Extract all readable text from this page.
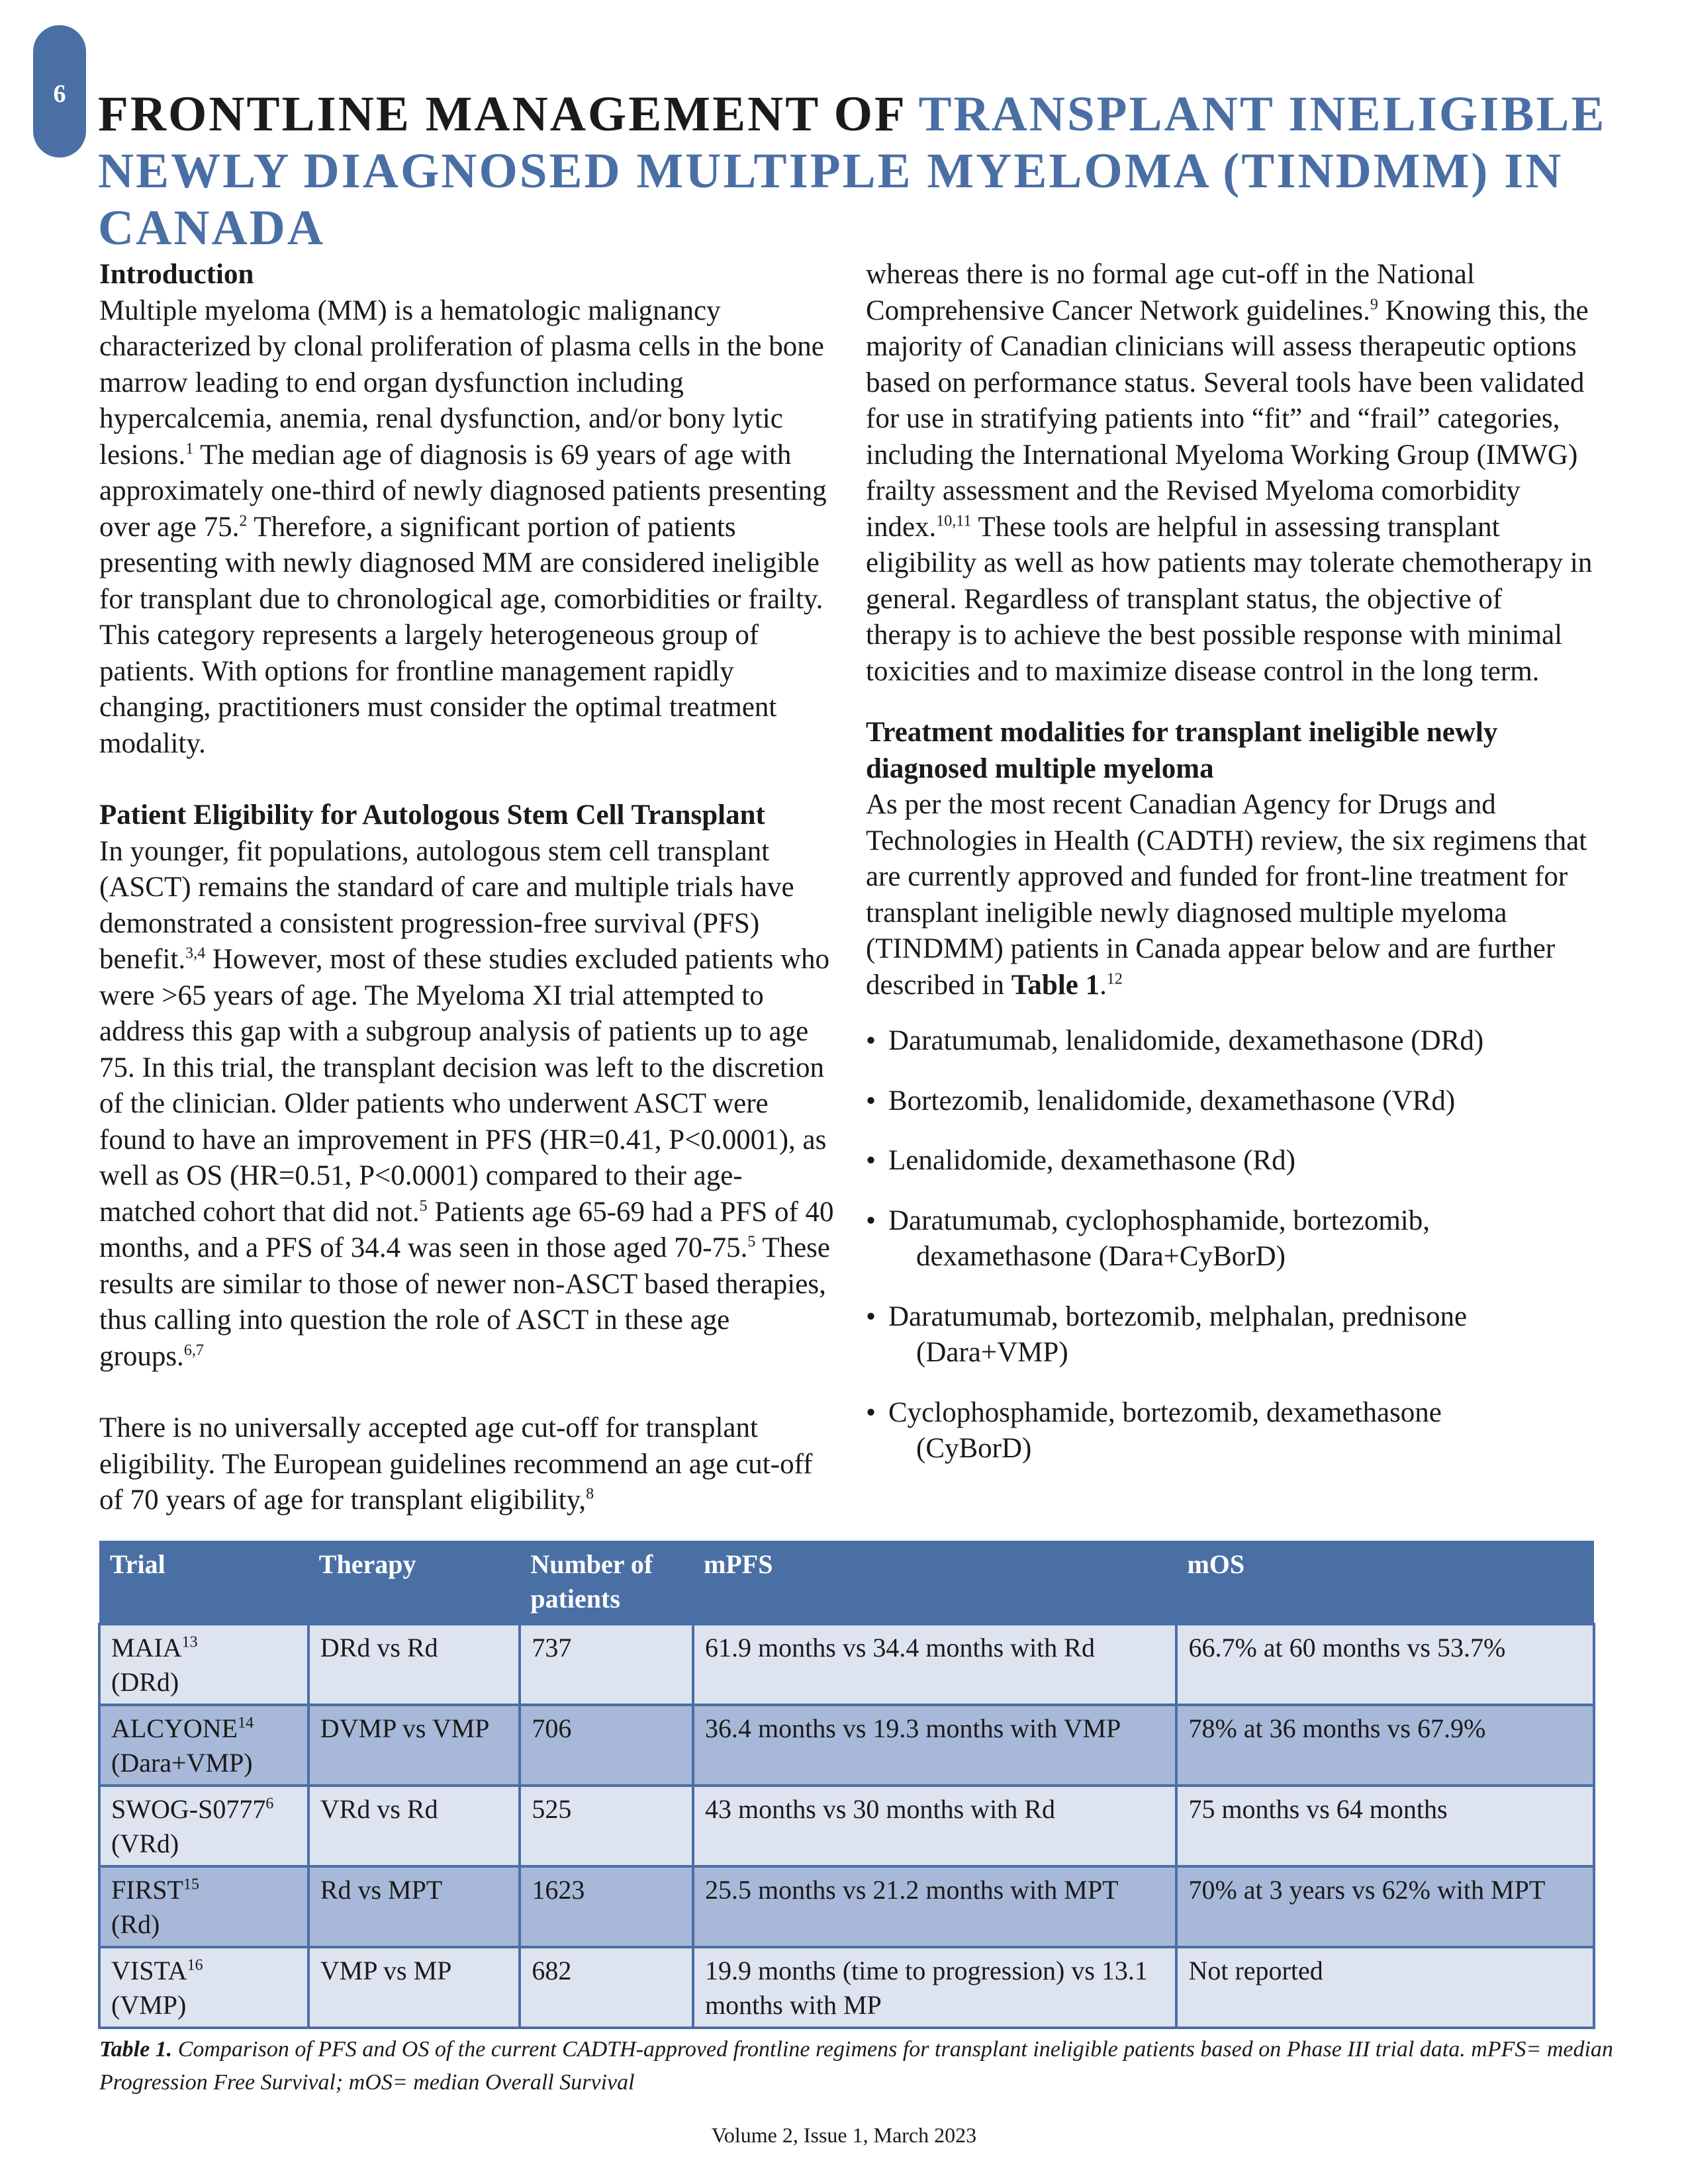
6 FRONTLINE MANAGEMENT OF TRANSPLANT INELIGIBLE NEWLY DIAGNOSED MULTIPLE MYELOMA (TINDMM) IN CANADA
Introduction

Multiple myeloma (MM) is a hematologic malignancy characterized by clonal proliferation of plasma cells in the bone marrow leading to end organ dysfunction including hypercalcemia, anemia, renal dysfunction, and/or bony lytic lesions.$^1$ The median age of diagnosis is 69 years of age with approximately one-third of newly diagnosed patients presenting over age 75.$^2$ Therefore, a significant portion of patients presenting with newly diagnosed MM are considered ineligible for transplant due to chronological age, comorbidities or frailty. This category represents a largely heterogeneous group of patients. With options for frontline management rapidly changing, practitioners must consider the optimal treatment modality.

Patient Eligibility for Autologous Stem Cell Transplant

In younger, fit populations, autologous stem cell transplant (ASCT) remains the standard of care and multiple trials have demonstrated a consistent progression-free survival (PFS) benefit.$^{3,4}$ However, most of these studies excluded patients who were >65 years of age. The Myeloma XI trial attempted to address this gap with a subgroup analysis of patients up to age 75. In this trial, the transplant decision was left to the discretion of the clinician. Older patients who underwent ASCT were found to have an improvement in PFS (HR=0.41, P<0.0001), as well as OS (HR=0.51, P<0.0001) compared to their age-matched cohort that did not.$^5$ Patients age 65-69 had a PFS of 40 months, and a PFS of 34.4 was seen in those aged 70-75.$^5$ These results are similar to those of newer non-ASCT based therapies, thus calling into question the role of ASCT in these age groups.$^{6,7}$

There is no universally accepted age cut-off for transplant eligibility. The European guidelines recommend an age cut-off of 70 years of age for transplant eligibility,$^8$

whereas there is no formal age cut-off in the National Comprehensive Cancer Network guidelines.$^9$ Knowing this, the majority of Canadian clinicians will assess therapeutic options based on performance status. Several tools have been validated for use in stratifying patients into “fit” and “frail” categories, including the International Myeloma Working Group (IMWG) frailty assessment and the Revised Myeloma comorbidity index.$^{10,11}$ These tools are helpful in assessing transplant eligibility as well as how patients may tolerate chemotherapy in general. Regardless of transplant status, the objective of therapy is to achieve the best possible response with minimal toxicities and to maximize disease control in the long term.

Treatment modalities for transplant ineligible newly diagnosed multiple myeloma

As per the most recent Canadian Agency for Drugs and Technologies in Health (CADTH) review, the six regimens that are currently approved and funded for front-line treatment for transplant ineligible newly diagnosed multiple myeloma (TINDMM) patients in Canada appear below and are further described in Table 1.12

• Daratumumab, lenalidomide, dexamethasone (DRd)
• Bortezomib, lenalidomide, dexamethasone (VRd)
• Lenalidomide, dexamethasone (Rd)
• Daratumumab, cyclophosphamide, bortezomib,
dexamethasone (Dara+CyBorD)
• Daratumumab, bortezomib, melphalan, prednisone
(Dara+VMP)
• Cyclophosphamide, bortezomib, dexamethasone
(CyBorD)
Trial	Therapy	Number of patients	mPFS	mOS
MAIA$^{13}$
(DRd)	DRd vs Rd	737	61.9 months vs 34.4 months with Rd	66.7% at 60 months vs 53.7%
ALCYONE$^{14}$
(Dara+VMP)	DVMP vs VMP	706	36.4 months vs 19.3 months with VMP	78% at 36 months vs 67.9%
SWOG-S0777$^6$
(VRd)	VRd vs Rd	525	43 months vs 30 months with Rd	75 months vs 64 months
FIRST$^{15}$
(Rd)	Rd vs MPT	1623	25.5 months vs 21.2 months with MPT	70% at 3 years vs 62% with MPT
VISTA$^{16}$
(VMP)	VMP vs MP	682	19.9 months (time to progression) vs 13.1 months with MP	Not reported

Table 1. Comparison of PFS and OS of the current CADTH-approved frontline regimens for transplant ineligible patients based on Phase III trial data. mPFS= median Progression Free Survival; mOS= median Overall Survival

Volume 2, Issue 1, March 2023
